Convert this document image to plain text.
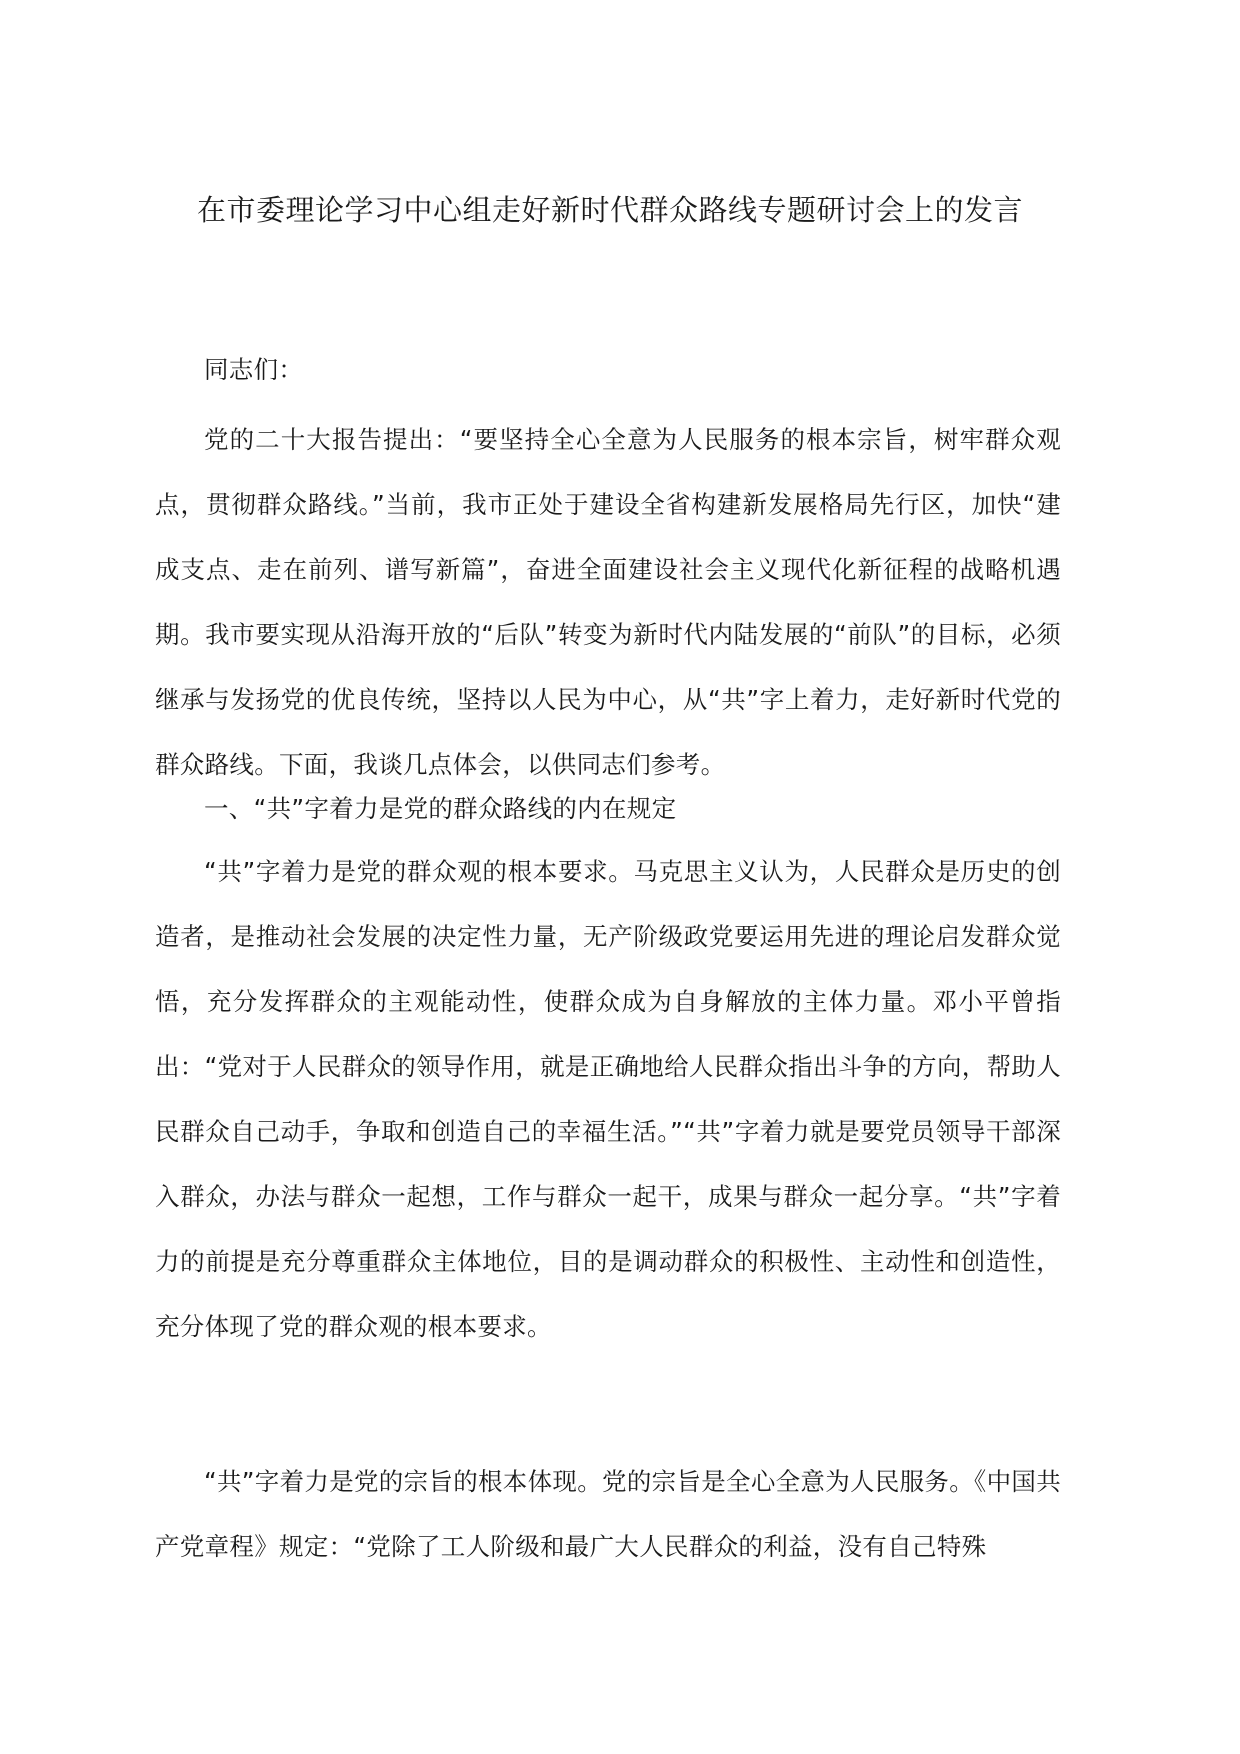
在市委理论学习中心组走好新时代群众路线专题研讨会上的发言

同志们：

党的二十大报告提出：“要坚持全心全意为人民服务的根本宗旨，树牢群众观点，贯彻群众路线。”当前，我市正处于建设全省构建新发展格局先行区，加快“建成支点、走在前列、谱写新篇”，奋进全面建设社会主义现代化新征程的战略机遇期。我市要实现从沿海开放的“后队”转变为新时代内陆发展的“前队”的目标，必须继承与发扬党的优良传统，坚持以人民为中心，从“共”字上着力，走好新时代党的群众路线。下面，我谈几点体会，以供同志们参考。

一、“共”字着力是党的群众路线的内在规定

“共”字着力是党的群众观的根本要求。马克思主义认为，人民群众是历史的创造者，是推动社会发展的决定性力量，无产阶级政党要运用先进的理论启发群众觉悟，充分发挥群众的主观能动性，使群众成为自身解放的主体力量。邓小平曾指出：“党对于人民群众的领导作用，就是正确地给人民群众指出斗争的方向，帮助人民群众自己动手，争取和创造自己的幸福生活。”“共”字着力就是要党员领导干部深入群众，办法与群众一起想，工作与群众一起干，成果与群众一起分享。“共”字着力的前提是充分尊重群众主体地位，目的是调动群众的积极性、主动性和创造性，充分体现了党的群众观的根本要求。

“共”字着力是党的宗旨的根本体现。党的宗旨是全心全意为人民服务。《中国共产党章程》规定：“党除了工人阶级和最广大人民群众的利益，没有自己特殊
